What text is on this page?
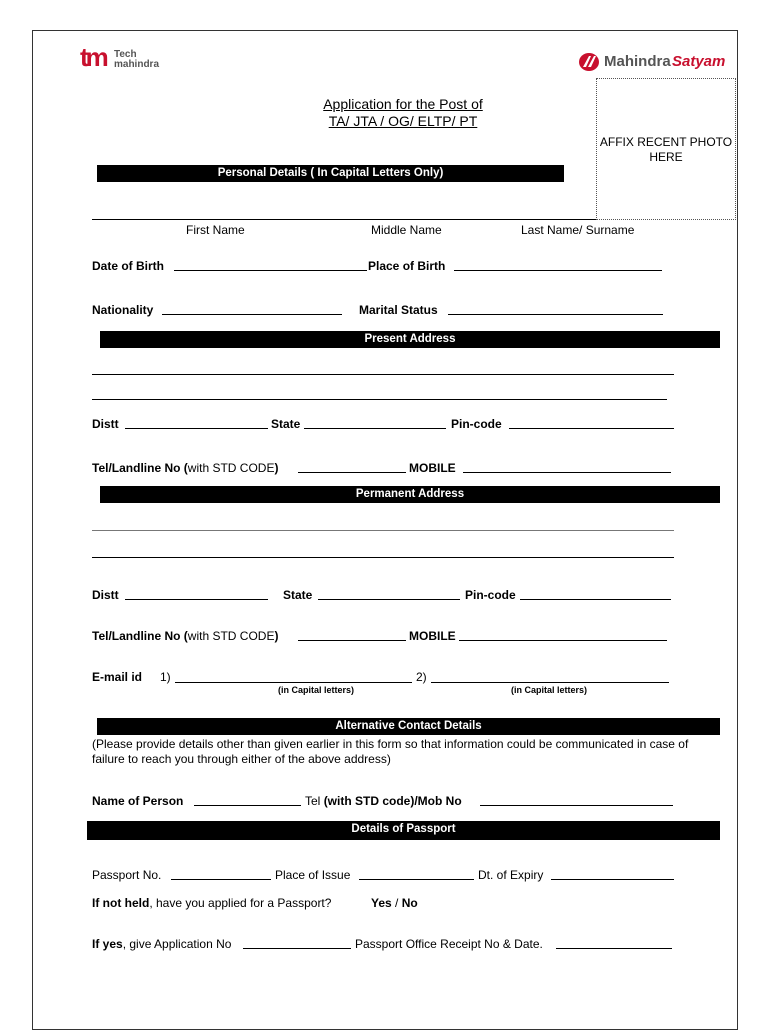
tm Tech
mahindra	Mahindra Satyam
Application for the Post of
TA/ JTA / OG/ ELTP/ PT
AFFIX RECENT PHOTO HERE
Personal Details ( In Capital Letters Only)
First Name	Middle Name	Last Name/ Surname
Date of Birth	Place of Birth
Nationality	Marital Status
Present Address
Distt	State	Pin-code
Tel/Landline No (with STD CODE)	MOBILE
Permanent Address
Distt	State	Pin-code
Tel/Landline No (with STD CODE)	MOBILE
E-mail id 1)	2)
(in Capital letters)	(in Capital letters)
Alternative Contact Details
(Please provide details other than given earlier in this form so that information could be communicated in case of failure to reach you through either of the above address)
Name of Person	Tel (with STD code)/Mob No
Details of Passport
Passport No.	Place of Issue	Dt. of Expiry
If not held, have you applied for a Passport?	Yes / No
If yes, give Application No	Passport Office Receipt No & Date.
